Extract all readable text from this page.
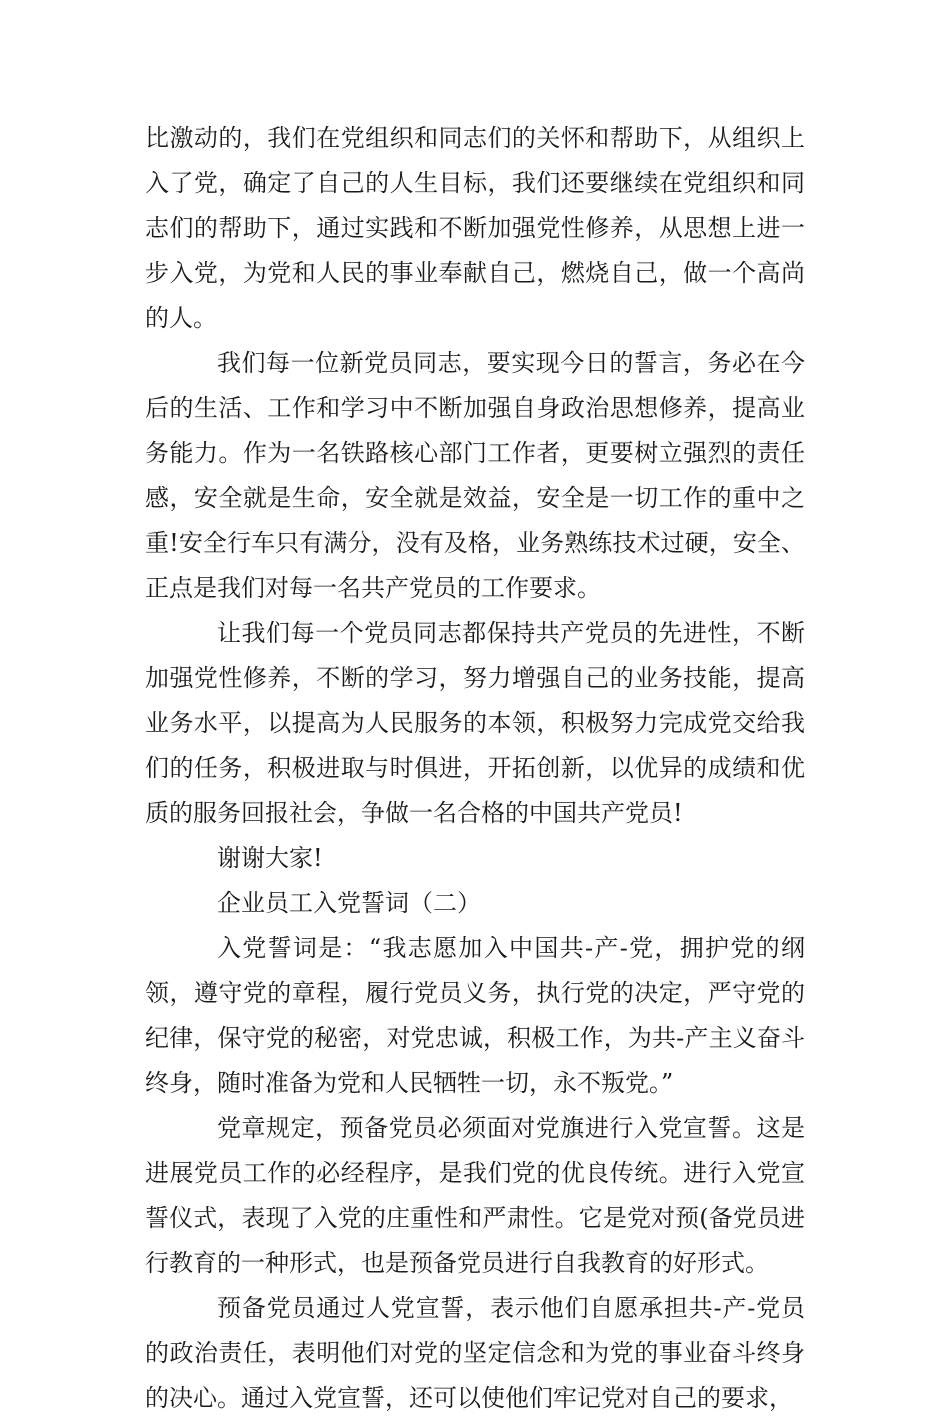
比激动的，我们在党组织和同志们的关怀和帮助下，从组织上入了党，确定了自己的人生目标，我们还要继续在党组织和同志们的帮助下，通过实践和不断加强党性修养，从思想上进一步入党，为党和人民的事业奉献自己，燃烧自己，做一个高尚的人。

我们每一位新党员同志，要实现今日的誓言，务必在今后的生活、工作和学习中不断加强自身政治思想修养，提高业务能力。作为一名铁路核心部门工作者，更要树立强烈的责任感，安全就是生命，安全就是效益，安全是一切工作的重中之重!安全行车只有满分，没有及格，业务熟练技术过硬，安全、正点是我们对每一名共产党员的工作要求。

让我们每一个党员同志都保持共产党员的先进性，不断加强党性修养，不断的学习，努力增强自己的业务技能，提高业务水平，以提高为人民服务的本领，积极努力完成党交给我们的任务，积极进取与时俱进，开拓创新，以优异的成绩和优质的服务回报社会，争做一名合格的中国共产党员!

谢谢大家!

企业员工入党誓词（二）

入党誓词是：“我志愿加入中国共-产-党，拥护党的纲领，遵守党的章程，履行党员义务，执行党的决定，严守党的纪律，保守党的秘密，对党忠诚，积极工作，为共-产主义奋斗终身，随时准备为党和人民牺牲一切，永不叛党。”

党章规定，预备党员必须面对党旗进行入党宣誓。这是进展党员工作的必经程序，是我们党的优良传统。进行入党宣誓仪式，表现了入党的庄重性和严肃性。它是党对预(备党员进行教育的一种形式，也是预备党员进行自我教育的好形式。

预备党员通过人党宣誓，表示他们自愿承担共-产-党员的政治责任，表明他们对党的坚定信念和为党的事业奋斗终身的决心。通过入党宣誓，还可以使他们牢记党对自己的要求，
